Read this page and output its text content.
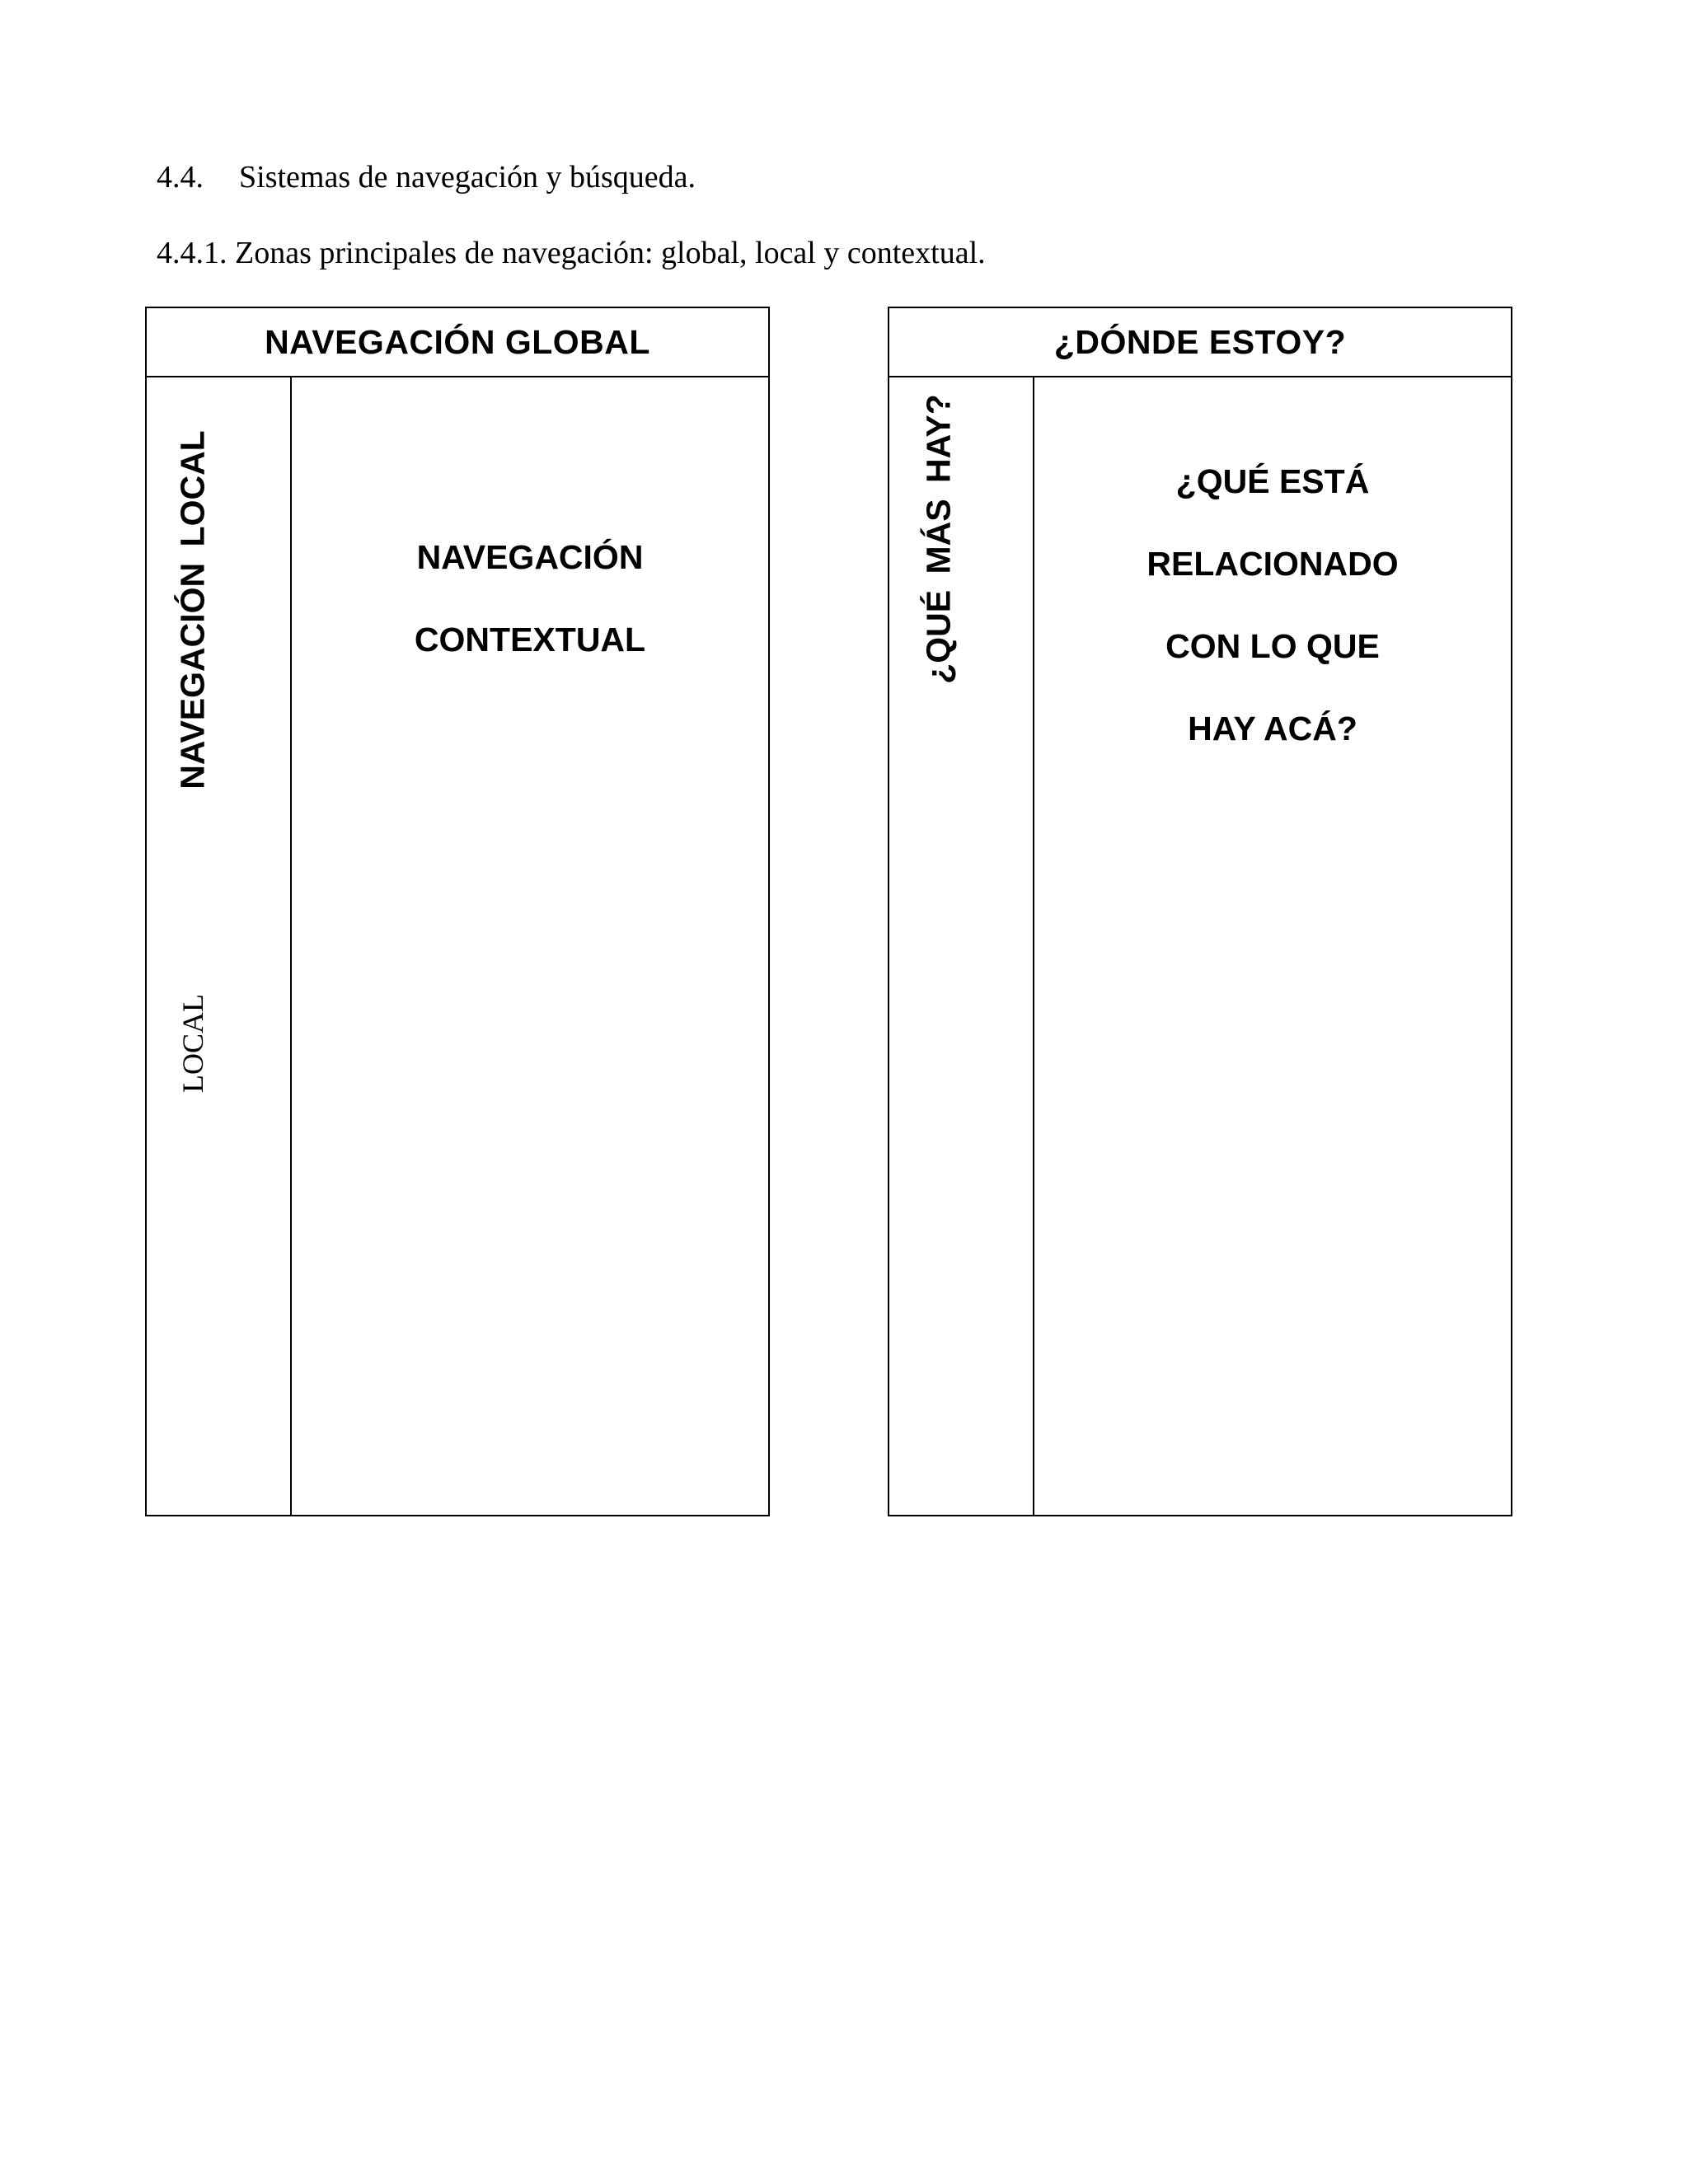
4.4. Sistemas de navegación y búsqueda.
4.4.1. Zonas principales de navegación: global, local y contextual.
NAVEGACIÓN GLOBAL
NAVEGACIÓN LOCAL
LOCAL
NAVEGACIÓN
CONTEXTUAL
¿DÓNDE ESTOY?
¿QUÉ MÁS HAY?	¿QUÉ ESTÁ
RELACIONADO
CON LO QUE
HAY ACÁ?
